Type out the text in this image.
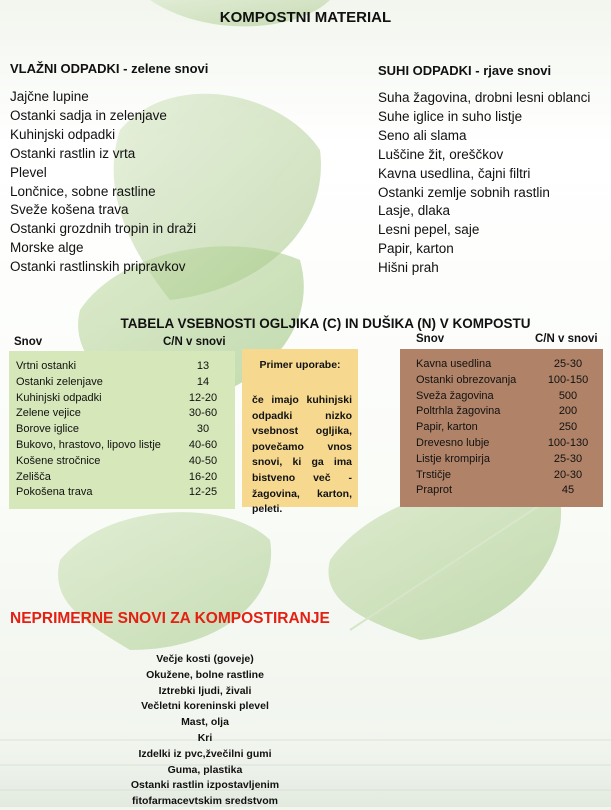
KOMPOSTNI MATERIAL
VLAŽNI ODPADKI - zelene snovi
Jajčne lupine
Ostanki sadja in zelenjave
Kuhinjski odpadki
Ostanki rastlin iz vrta
Plevel
Lončnice, sobne rastline
Sveže košena trava
Ostanki grozdnih tropin in draži
Morske alge
Ostanki rastlinskih pripravkov
SUHI ODPADKI - rjave snovi
Suha žagovina, drobni lesni oblanci
Suhe iglice in suho listje
Seno ali slama
Luščine žit, oreščkov
Kavna usedlina, čajni filtri
Ostanki zemlje sobnih rastlin
Lasje, dlaka
Lesni pepel, saje
Papir, karton
Hišni prah
TABELA VSEBNOSTI OGLJIKA (C) IN DUŠIKA (N) V KOMPOSTU
Snov	C/N v snovi	Snov	C/N v snovi
Vrtni ostanki	13
Ostanki zelenjave	14
Kuhinjski odpadki	12-20
Zelene vejice	30-60
Borove iglice	30
Bukovo, hrastovo, lipovo listje	40-60
Košene stročnice	40-50
Zelišča	16-20
Pokošena trava	12-25
Primer uporabe:
če imajo kuhinjski odpadki nizko vsebnost ogljika, povečamo vnos snovi, ki ga ima bistveno več - žagovina, karton, peleti.
Kavna usedlina	25-30
Ostanki obrezovanja	100-150
Sveža žagovina	500
Poltrhla žagovina	200
Papir, karton	250
Drevesno lubje	100-130
Listje krompirja	25-30
Trstičje	20-30
Praprot	45
NEPRIMERNE SNOVI ZA KOMPOSTIRANJE
Večje kosti (goveje)
Okužene, bolne rastline
Iztrebki ljudi, živali
Večletni koreninski plevel
Mast, olja
Kri
Izdelki iz pvc,žvečilni gumi
Guma, plastika
Ostanki rastlin izpostavljenim
fitofarmacevtskim sredstvom
